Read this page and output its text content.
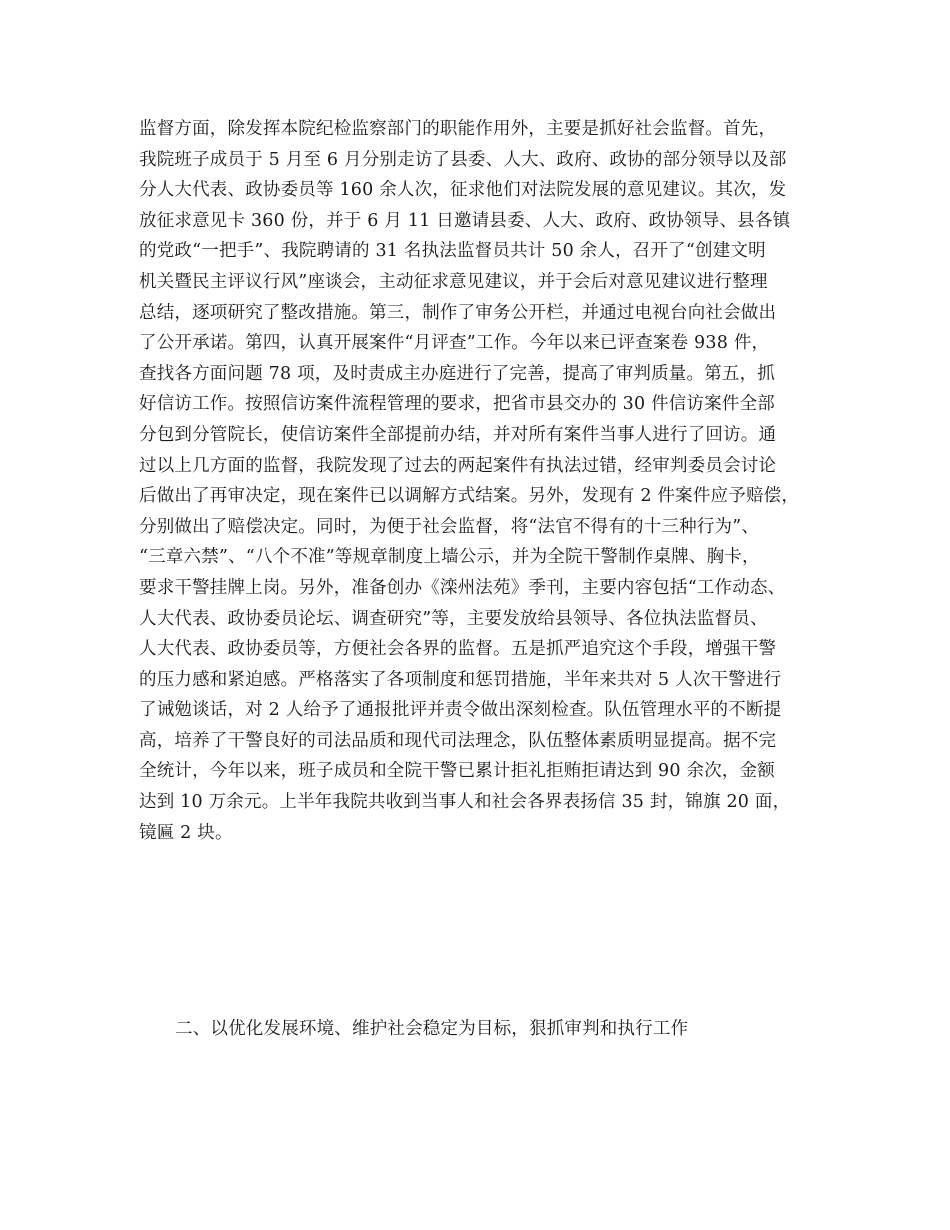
监督方面，除发挥本院纪检监察部门的职能作用外，主要是抓好社会监督。首先，
我院班子成员于 5 月至 6 月分别走访了县委、人大、政府、政协的部分领导以及部
分人大代表、政协委员等 160 余人次，征求他们对法院发展的意见建议。其次，发
放征求意见卡 360 份，并于 6 月 11 日邀请县委、人大、政府、政协领导、县各镇
的党政“一把手”、我院聘请的 31 名执法监督员共计 50 余人，召开了“创建文明
机关暨民主评议行风”座谈会，主动征求意见建议，并于会后对意见建议进行整理
总结，逐项研究了整改措施。第三，制作了审务公开栏，并通过电视台向社会做出
了公开承诺。第四，认真开展案件“月评查”工作。今年以来已评查案卷 938 件，
查找各方面问题 78 项，及时责成主办庭进行了完善，提高了审判质量。第五，抓
好信访工作。按照信访案件流程管理的要求，把省市县交办的 30 件信访案件全部
分包到分管院长，使信访案件全部提前办结，并对所有案件当事人进行了回访。通
过以上几方面的监督，我院发现了过去的两起案件有执法过错，经审判委员会讨论
后做出了再审决定，现在案件已以调解方式结案。另外，发现有 2 件案件应予赔偿，
分别做出了赔偿决定。同时，为便于社会监督，将“法官不得有的十三种行为”、
“三章六禁”、“八个不准”等规章制度上墙公示，并为全院干警制作桌牌、胸卡，
要求干警挂牌上岗。另外，准备创办《滦州法苑》季刊，主要内容包括“工作动态、
人大代表、政协委员论坛、调查研究”等，主要发放给县领导、各位执法监督员、
人大代表、政协委员等，方便社会各界的监督。五是抓严追究这个手段，增强干警
的压力感和紧迫感。严格落实了各项制度和惩罚措施，半年来共对 5 人次干警进行
了诫勉谈话，对 2 人给予了通报批评并责令做出深刻检查。队伍管理水平的不断提
高，培养了干警良好的司法品质和现代司法理念，队伍整体素质明显提高。据不完
全统计，今年以来，班子成员和全院干警已累计拒礼拒贿拒请达到 90 余次，金额
达到 10 万余元。上半年我院共收到当事人和社会各界表扬信 35 封，锦旗 20 面，
镜匾 2 块。
二、以优化发展环境、维护社会稳定为目标，狠抓审判和执行工作
